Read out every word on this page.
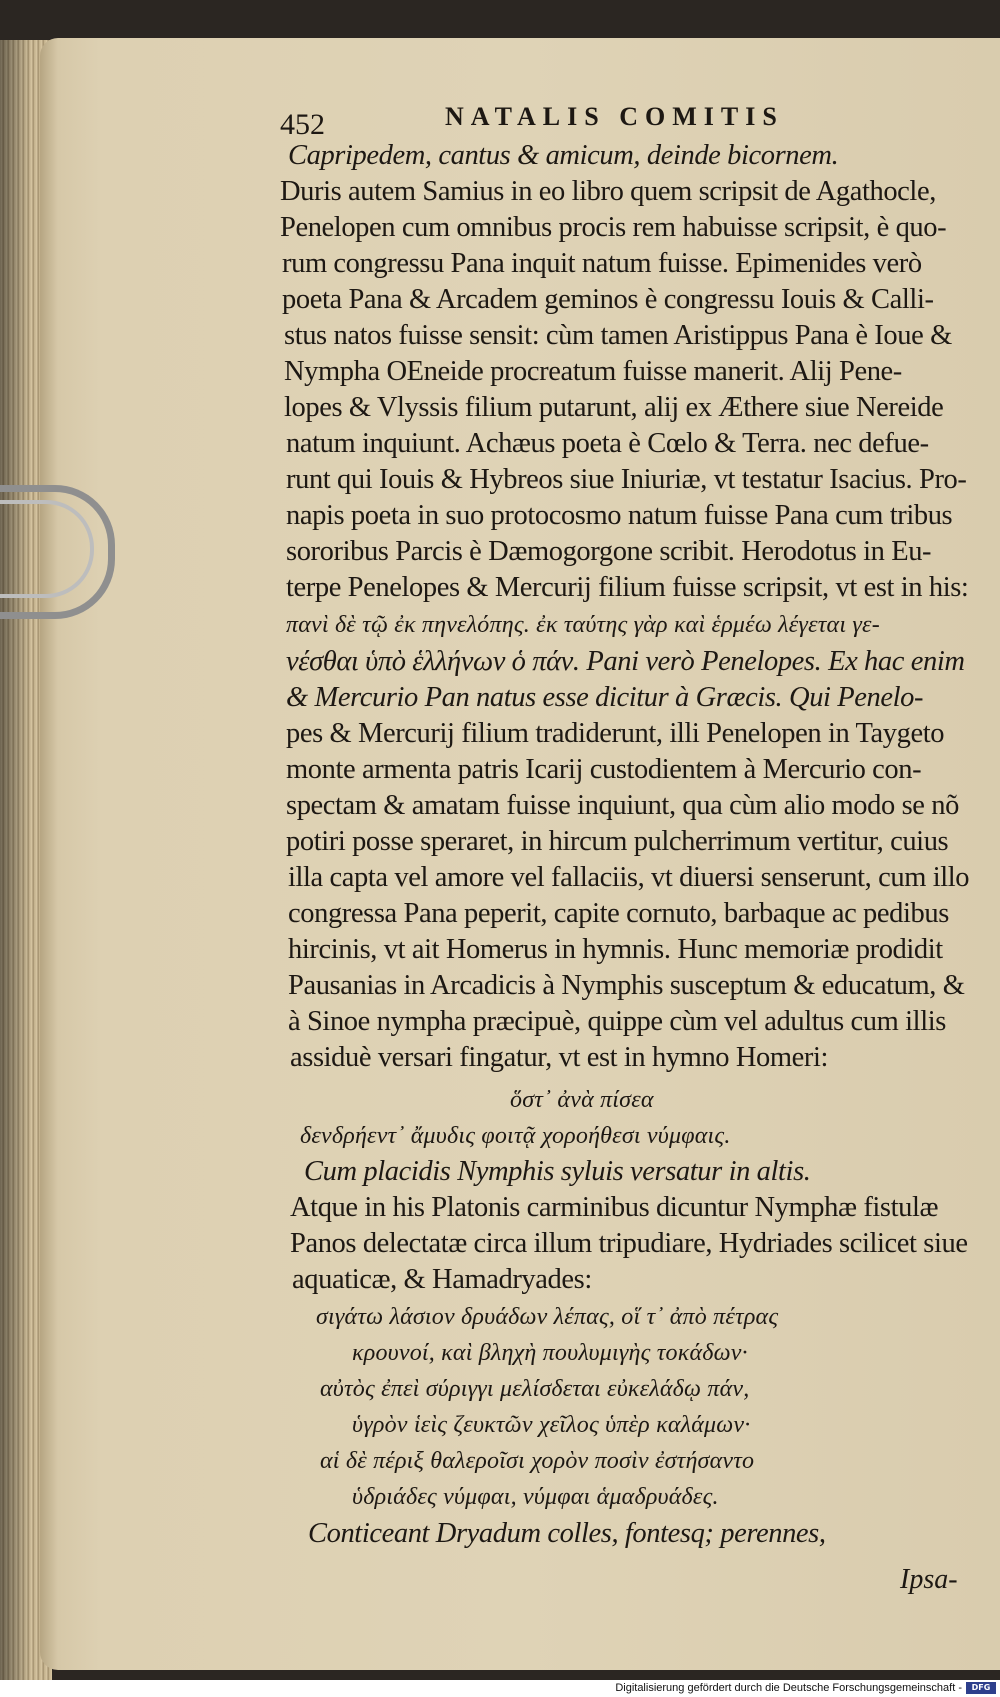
452	NATALIS COMITIS
Capripedem, cantus & amicum, deinde bicornem.
Duris autem Samius in eo libro quem scripsit de Agathocle,
Penelopen cum omnibus procis rem habuisse scripsit, è quo-
rum congressu Pana inquit natum fuisse. Epimenides verò
poeta Pana & Arcadem geminos è congressu Iouis & Calli-
stus natos fuisse sensit: cùm tamen Aristippus Pana è Ioue &
Nympha OEneide procreatum fuisse manerit. Alij Pene-
lopes & Vlyssis filium putarunt, alij ex Æthere siue Nereide
natum inquiunt. Achæus poeta è Cœlo & Terra. nec defue-
runt qui Iouis & Hybreos siue Iniuriæ, vt testatur Isacius. Pro-
napis poeta in suo protocosmo natum fuisse Pana cum tribus
sororibus Parcis è Dæmogorgone scribit. Herodotus in Eu-
terpe Penelopes & Mercurij filium fuisse scripsit, vt est in his:
πανὶ δὲ τῷ ἐκ πηνελόπης. ἐκ ταύτης γὰρ καὶ ἑρμέω λέγεται γε-
νέσθαι ὑπὸ ἑλλήνων ὁ πάν. Pani verò Penelopes. Ex hac enim
& Mercurio Pan natus esse dicitur à Græcis. Qui Penelo-
pes & Mercurij filium tradiderunt, illi Penelopen in Taygeto
monte armenta patris Icarij custodientem à Mercurio con-
spectam & amatam fuisse inquiunt, qua cùm alio modo se nõ
potiri posse speraret, in hircum pulcherrimum vertitur, cuius
illa capta vel amore vel fallaciis, vt diuersi senserunt, cum illo
congressa Pana peperit, capite cornuto, barbaque ac pedibus
hircinis, vt ait Homerus in hymnis. Hunc memoriæ prodidit
Pausanias in Arcadicis à Nymphis susceptum & educatum, &
à Sinoe nympha præcipuè, quippe cùm vel adultus cum illis
assiduè versari fingatur, vt est in hymno Homeri:
ὅστ᾽ ἀνὰ πίσεα
δενδρήεντ᾽ ἄμυδις φοιτᾷ χοροήθεσι νύμφαις.
Cum placidis Nymphis syluis versatur in altis.
Atque in his Platonis carminibus dicuntur Nymphæ fistulæ
Panos delectatæ circa illum tripudiare, Hydriades scilicet siue
aquaticæ, & Hamadryades:
σιγάτω λάσιον δρυάδων λέπας, οἵ τ᾽ ἀπὸ πέτρας
κρουνοί, καὶ βληχὴ πουλυμιγὴς τοκάδων·
αὐτὸς ἐπεὶ σύριγγι μελίσδεται εὐκελάδῳ πάν,
ὑγρὸν ἱεὶς ζευκτῶν χεῖλος ὑπὲρ καλάμων·
αἱ δὲ πέριξ θαλεροῖσι χορὸν ποσὶν ἐστήσαντο
ὑδριάδες νύμφαι, νύμφαι ἁμαδρυάδες.
Conticeant Dryadum colles, fontesq; perennes,
Ipsa-
Digitalisierung gefördert durch die Deutsche Forschungsgemeinschaft -	DFG
